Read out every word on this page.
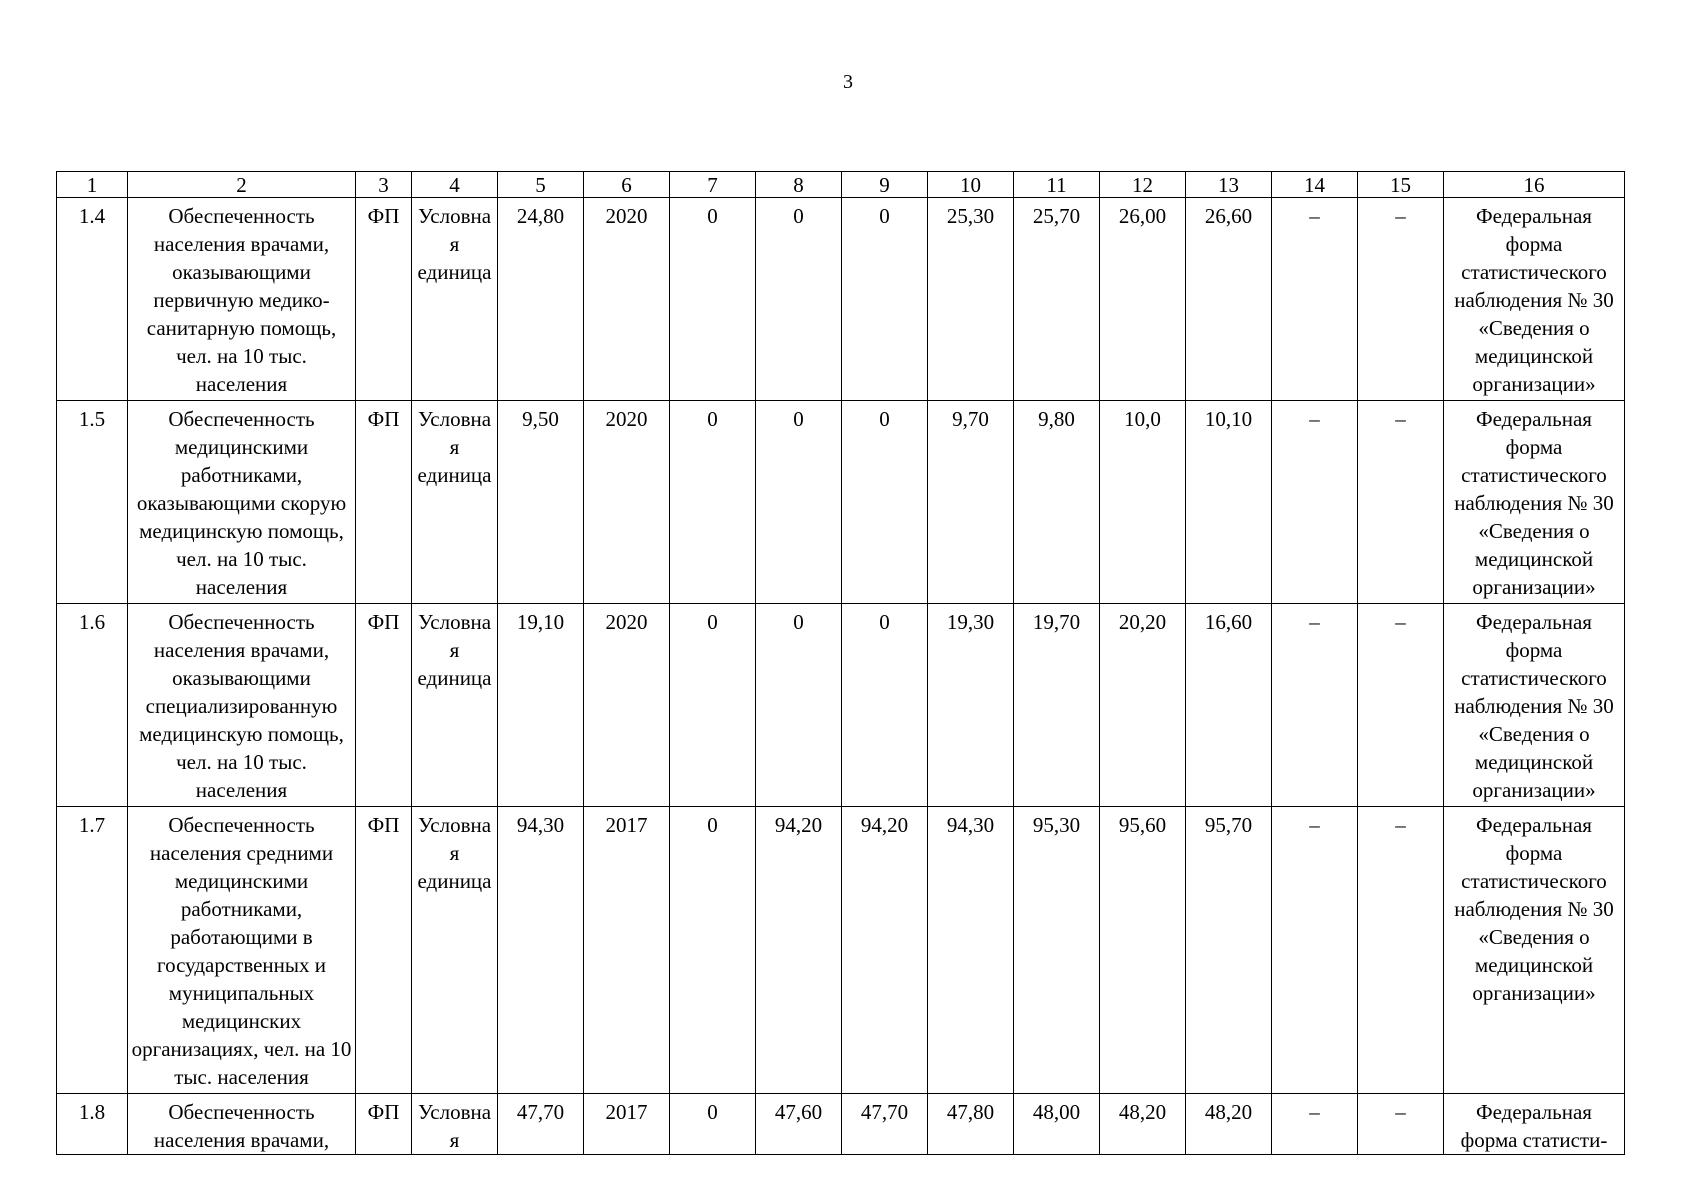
3
1	2	3	4	5	6	7	8	9	10	11	12	13	14	15	16
1.4	Обеспеченность населения врачами, оказывающими первичную медико-санитарную помощь, чел. на 10 тыс. населения	ФП	Условная единица	24,80	2020	0	0	0	25,30	25,70	26,00	26,60	–	–	Федеральная форма статистического наблюдения № 30 «Сведения о медицинской организации»
1.5	Обеспеченность медицинскими работниками, оказывающими скорую медицинскую помощь, чел. на 10 тыс. населения	ФП	Условная единица	9,50	2020	0	0	0	9,70	9,80	10,0	10,10	–	–	Федеральная форма статистического наблюдения № 30 «Сведения о медицинской организации»
1.6	Обеспеченность населения врачами, оказывающими специализированную медицинскую помощь, чел. на 10 тыс. населения	ФП	Условная единица	19,10	2020	0	0	0	19,30	19,70	20,20	16,60	–	–	Федеральная форма статистического наблюдения № 30 «Сведения о медицинской организации»
1.7	Обеспеченность населения средними медицинскими работниками, работающими в государственных и муниципальных медицинских организациях, чел. на 10 тыс. населения	ФП	Условная единица	94,30	2017	0	94,20	94,20	94,30	95,30	95,60	95,70	–	–	Федеральная форма статистического наблюдения № 30 «Сведения о медицинской организации»
1.8	Обеспеченность населения врачами,	ФП	Условная	47,70	2017	0	47,60	47,70	47,80	48,00	48,20	48,20	–	–	Федеральная форма статисти-
